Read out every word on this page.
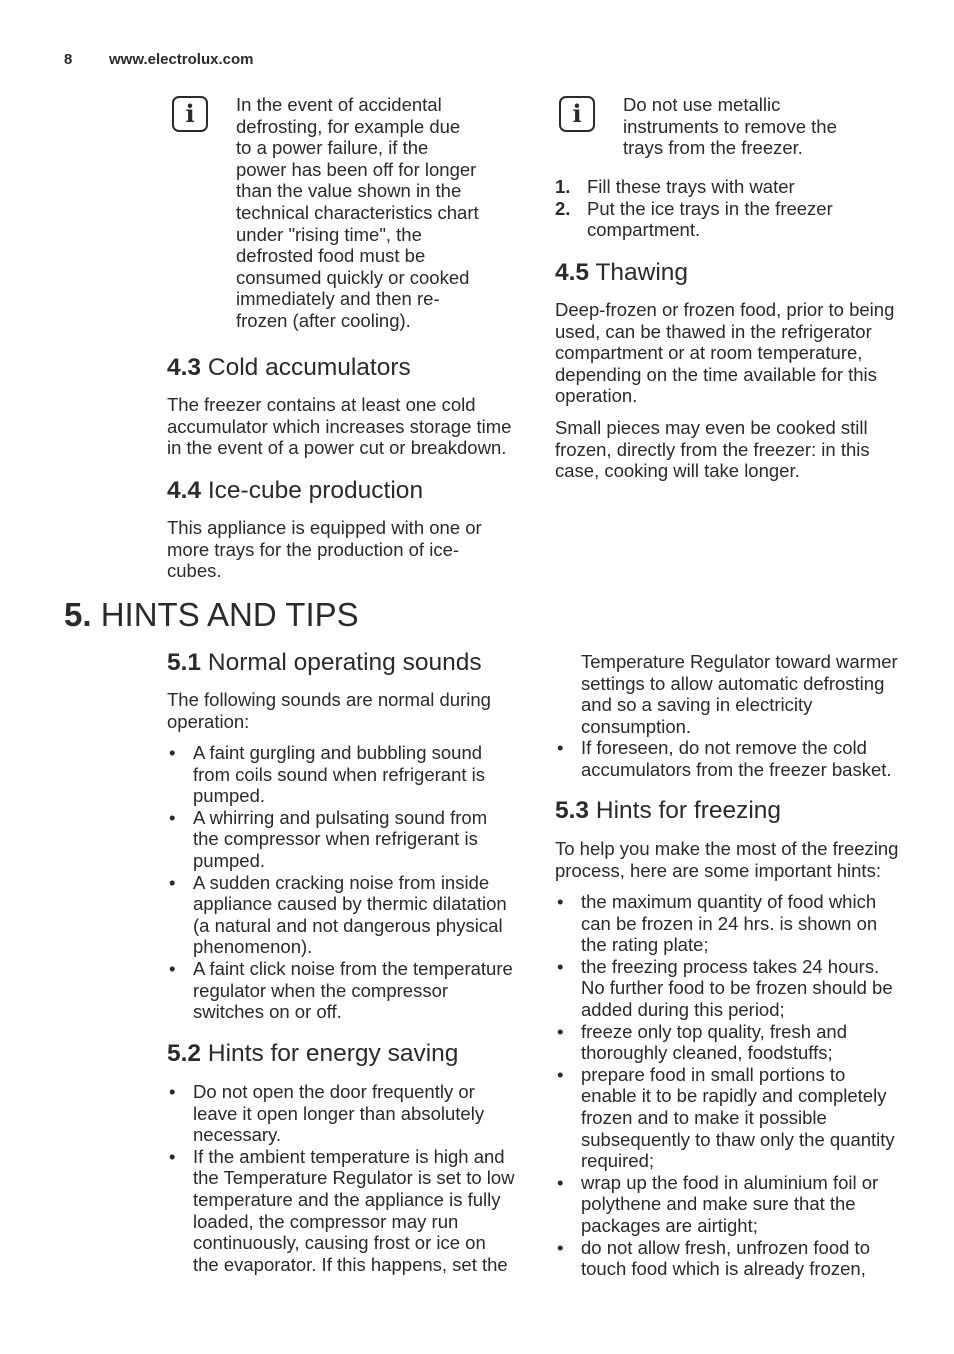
8 www.electrolux.com
i	In the event of accidental
defrosting, for example due
to a power failure, if the
power has been off for longer
than the value shown in the
technical characteristics chart
under "rising time", the
defrosted food must be
consumed quickly or cooked
immediately and then re-
frozen (after cooling).
4.3 Cold accumulators
The freezer contains at least one cold
accumulator which increases storage time
in the event of a power cut or breakdown.
4.4 Ice-cube production
This appliance is equipped with one or
more trays for the production of ice-
cubes.
i	Do not use metallic
instruments to remove the
trays from the freezer.
1. Fill these trays with water
2. Put the ice trays in the freezer
compartment.
4.5 Thawing
Deep-frozen or frozen food, prior to being
used, can be thawed in the refrigerator
compartment or at room temperature,
depending on the time available for this
operation.
Small pieces may even be cooked still
frozen, directly from the freezer: in this
case, cooking will take longer.
5. HINTS AND TIPS
5.1 Normal operating sounds
The following sounds are normal during
operation:
• A faint gurgling and bubbling sound
from coils sound when refrigerant is
pumped.
• A whirring and pulsating sound from
the compressor when refrigerant is
pumped.
• A sudden cracking noise from inside
appliance caused by thermic dilatation
(a natural and not dangerous physical
phenomenon).
• A faint click noise from the temperature
regulator when the compressor
switches on or off.
5.2 Hints for energy saving
• Do not open the door frequently or
leave it open longer than absolutely
necessary.
• If the ambient temperature is high and
the Temperature Regulator is set to low
temperature and the appliance is fully
loaded, the compressor may run
continuously, causing frost or ice on
the evaporator. If this happens, set the
Temperature Regulator toward warmer
settings to allow automatic defrosting
and so a saving in electricity
consumption.
• If foreseen, do not remove the cold
accumulators from the freezer basket.
5.3 Hints for freezing
To help you make the most of the freezing
process, here are some important hints:
• the maximum quantity of food which
can be frozen in 24 hrs. is shown on
the rating plate;
• the freezing process takes 24 hours.
No further food to be frozen should be
added during this period;
• freeze only top quality, fresh and
thoroughly cleaned, foodstuffs;
• prepare food in small portions to
enable it to be rapidly and completely
frozen and to make it possible
subsequently to thaw only the quantity
required;
• wrap up the food in aluminium foil or
polythene and make sure that the
packages are airtight;
• do not allow fresh, unfrozen food to
touch food which is already frozen,
